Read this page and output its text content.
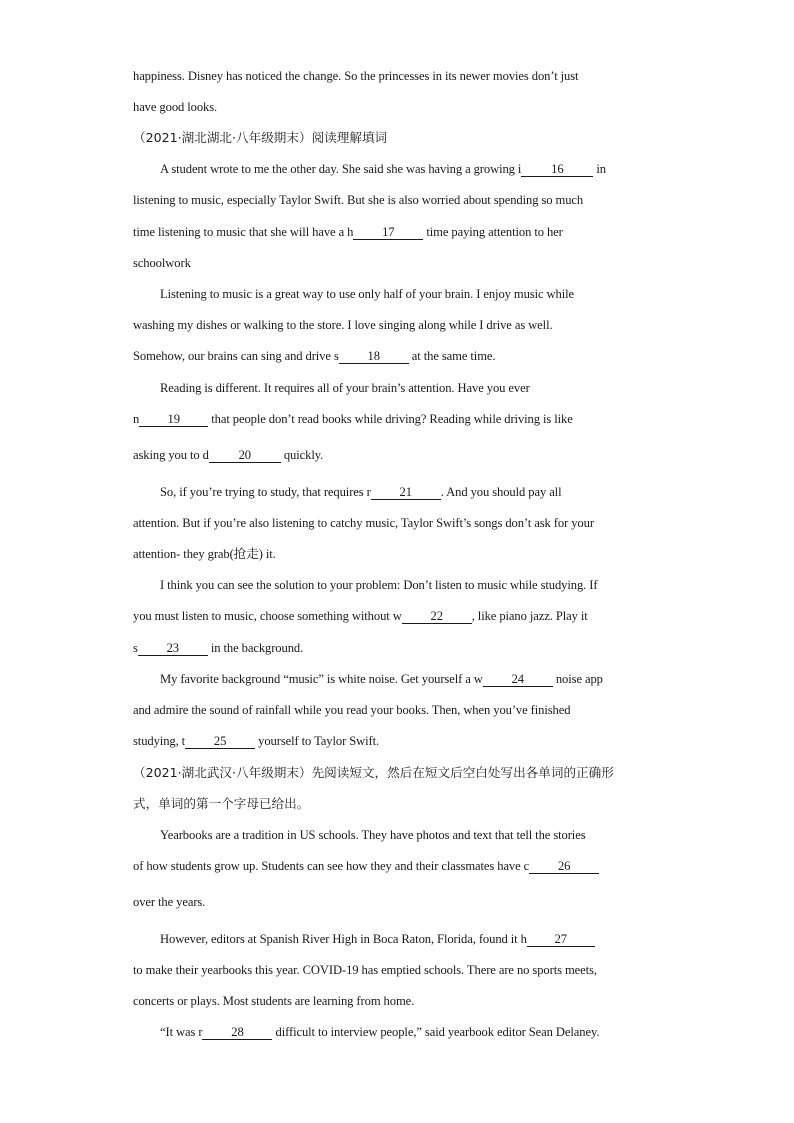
happiness. Disney has noticed the change. So the princesses in its newer movies don’t just
have good looks.
（2021·湖北湖北·八年级期末）阅读理解填词
A student wrote to me the other day. She said she was having a growing i 16 in
listening to music, especially Taylor Swift. But she is also worried about spending so much
time listening to music that she will have a h 17 time paying attention to her
schoolwork
Listening to music is a great way to use only half of your brain. I enjoy music while
washing my dishes or walking to the store. I love singing along while I drive as well.
Somehow, our brains can sing and drive s 18 at the same time.
Reading is different. It requires all of your brain’s attention. Have you ever
n 19 that people don’t read books while driving? Reading while driving is like
asking you to d 20 quickly.
So, if you’re trying to study, that requires r 21 . And you should pay all
attention. But if you’re also listening to catchy music, Taylor Swift’s songs don’t ask for your
attention- they grab(抢走) it.
I think you can see the solution to your problem: Don’t listen to music while studying. If
you must listen to music, choose something without w 22 , like piano jazz. Play it
s 23 in the background.
My favorite background “music” is white noise. Get yourself a w 24 noise app
and admire the sound of rainfall while you read your books. Then, when you’ve finished
studying, t 25 yourself to Taylor Swift.
（2021·湖北武汉·八年级期末）先阅读短文，然后在短文后空白处写出各单词的正确形
式，单词的第一个字母已给出。
Yearbooks are a tradition in US schools. They have photos and text that tell the stories
of how students grow up. Students can see how they and their classmates have c 26
over the years.
However, editors at Spanish River High in Boca Raton, Florida, found it h 27
to make their yearbooks this year. COVID-19 has emptied schools. There are no sports meets,
concerts or plays. Most students are learning from home.
“It was r 28 difficult to interview people,” said yearbook editor Sean Delaney.
